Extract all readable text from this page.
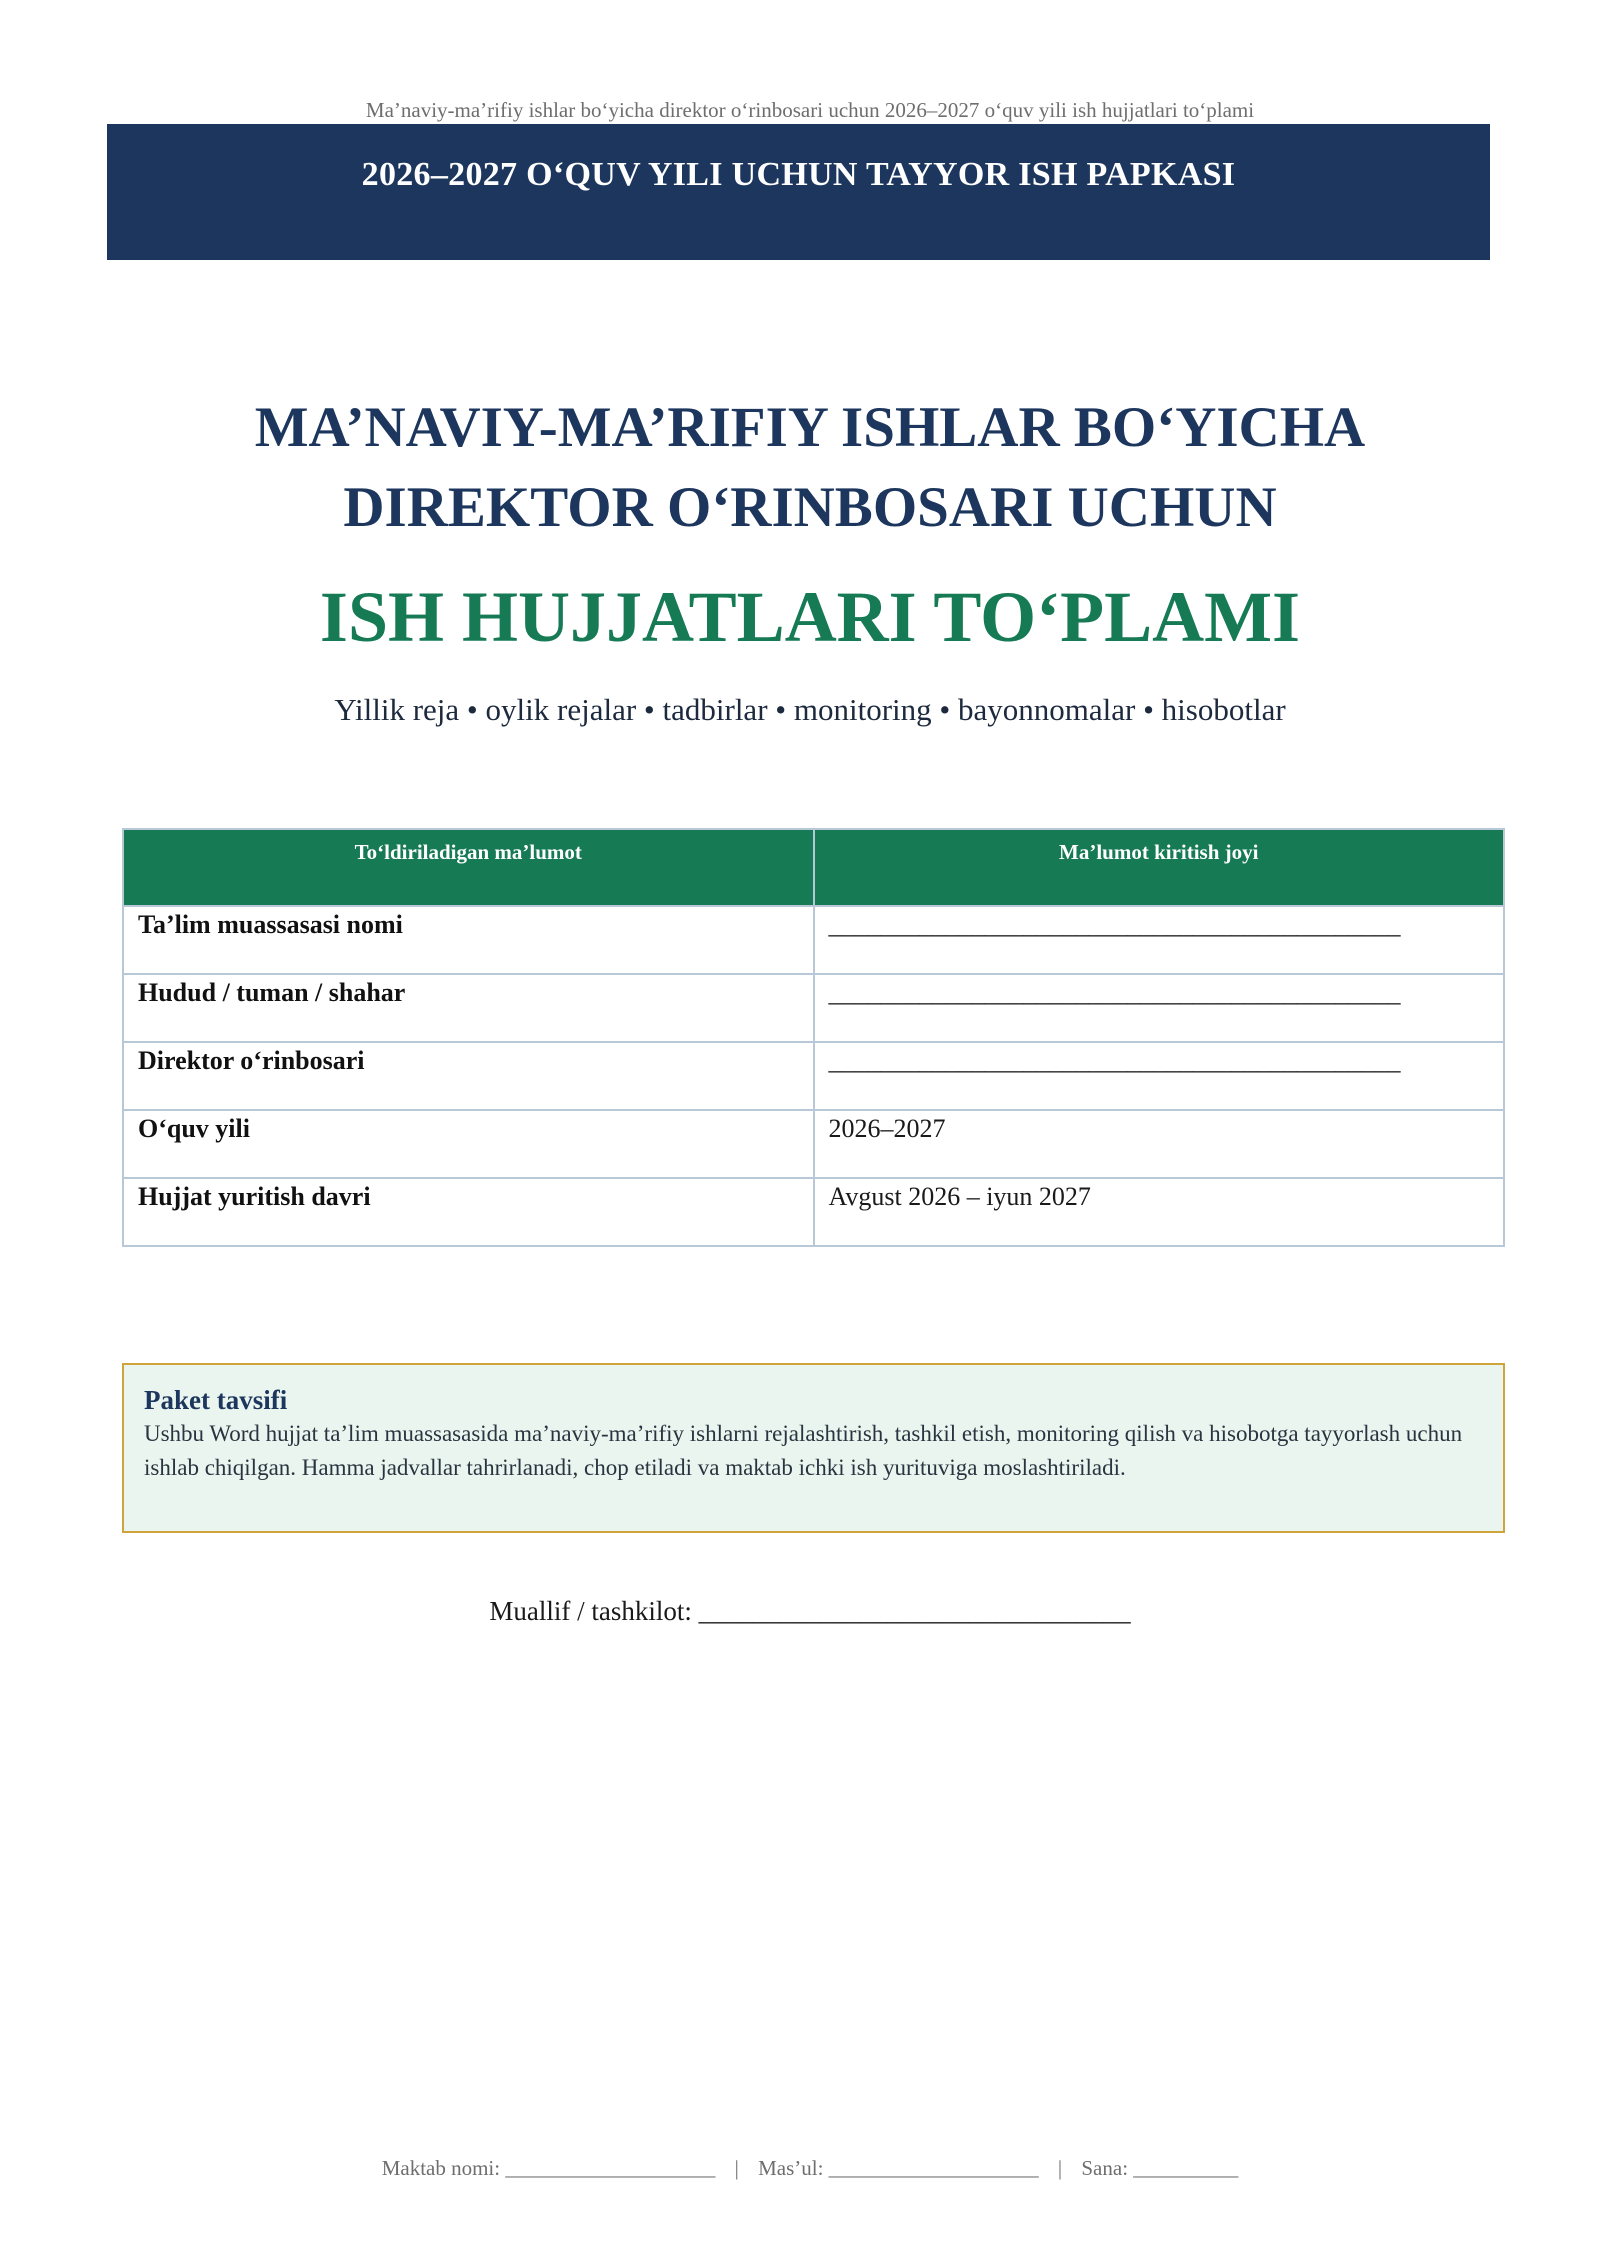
Ma’naviy-ma’rifiy ishlar bo‘yicha direktor o‘rinbosari uchun 2026–2027 o‘quv yili ish hujjatlari to‘plami
2026–2027 O‘QUV YILI UCHUN TAYYOR ISH PAPKASI
MA’NAVIY-MA’RIFIY ISHLAR BO‘YICHA
DIREKTOR O‘RINBOSARI UCHUN
ISH HUJJATLARI TO‘PLAMI
Yillik reja • oylik rejalar • tadbirlar • monitoring • bayonnomalar • hisobotlar
To‘ldiriladigan ma’lumot	Ma’lumot kiritish joyi
Ta’lim muassasasi nomi	____________________________________________
Hudud / tuman / shahar	____________________________________________
Direktor o‘rinbosari	____________________________________________
O‘quv yili	2026–2027
Hujjat yuritish davri	Avgust 2026 – iyun 2027
Paket tavsifi
Ushbu Word hujjat ta’lim muassasasida ma’naviy-ma’rifiy ishlarni rejalashtirish, tashkil etish, monitoring qilish va hisobotga tayyorlash uchun ishlab chiqilgan. Hamma jadvallar tahrirlanadi, chop etiladi va maktab ichki ish yurituviga moslashtiriladi.
Muallif / tashkilot: ________________________________
Maktab nomi: ____________________ | Mas’ul: ____________________ | Sana: __________
